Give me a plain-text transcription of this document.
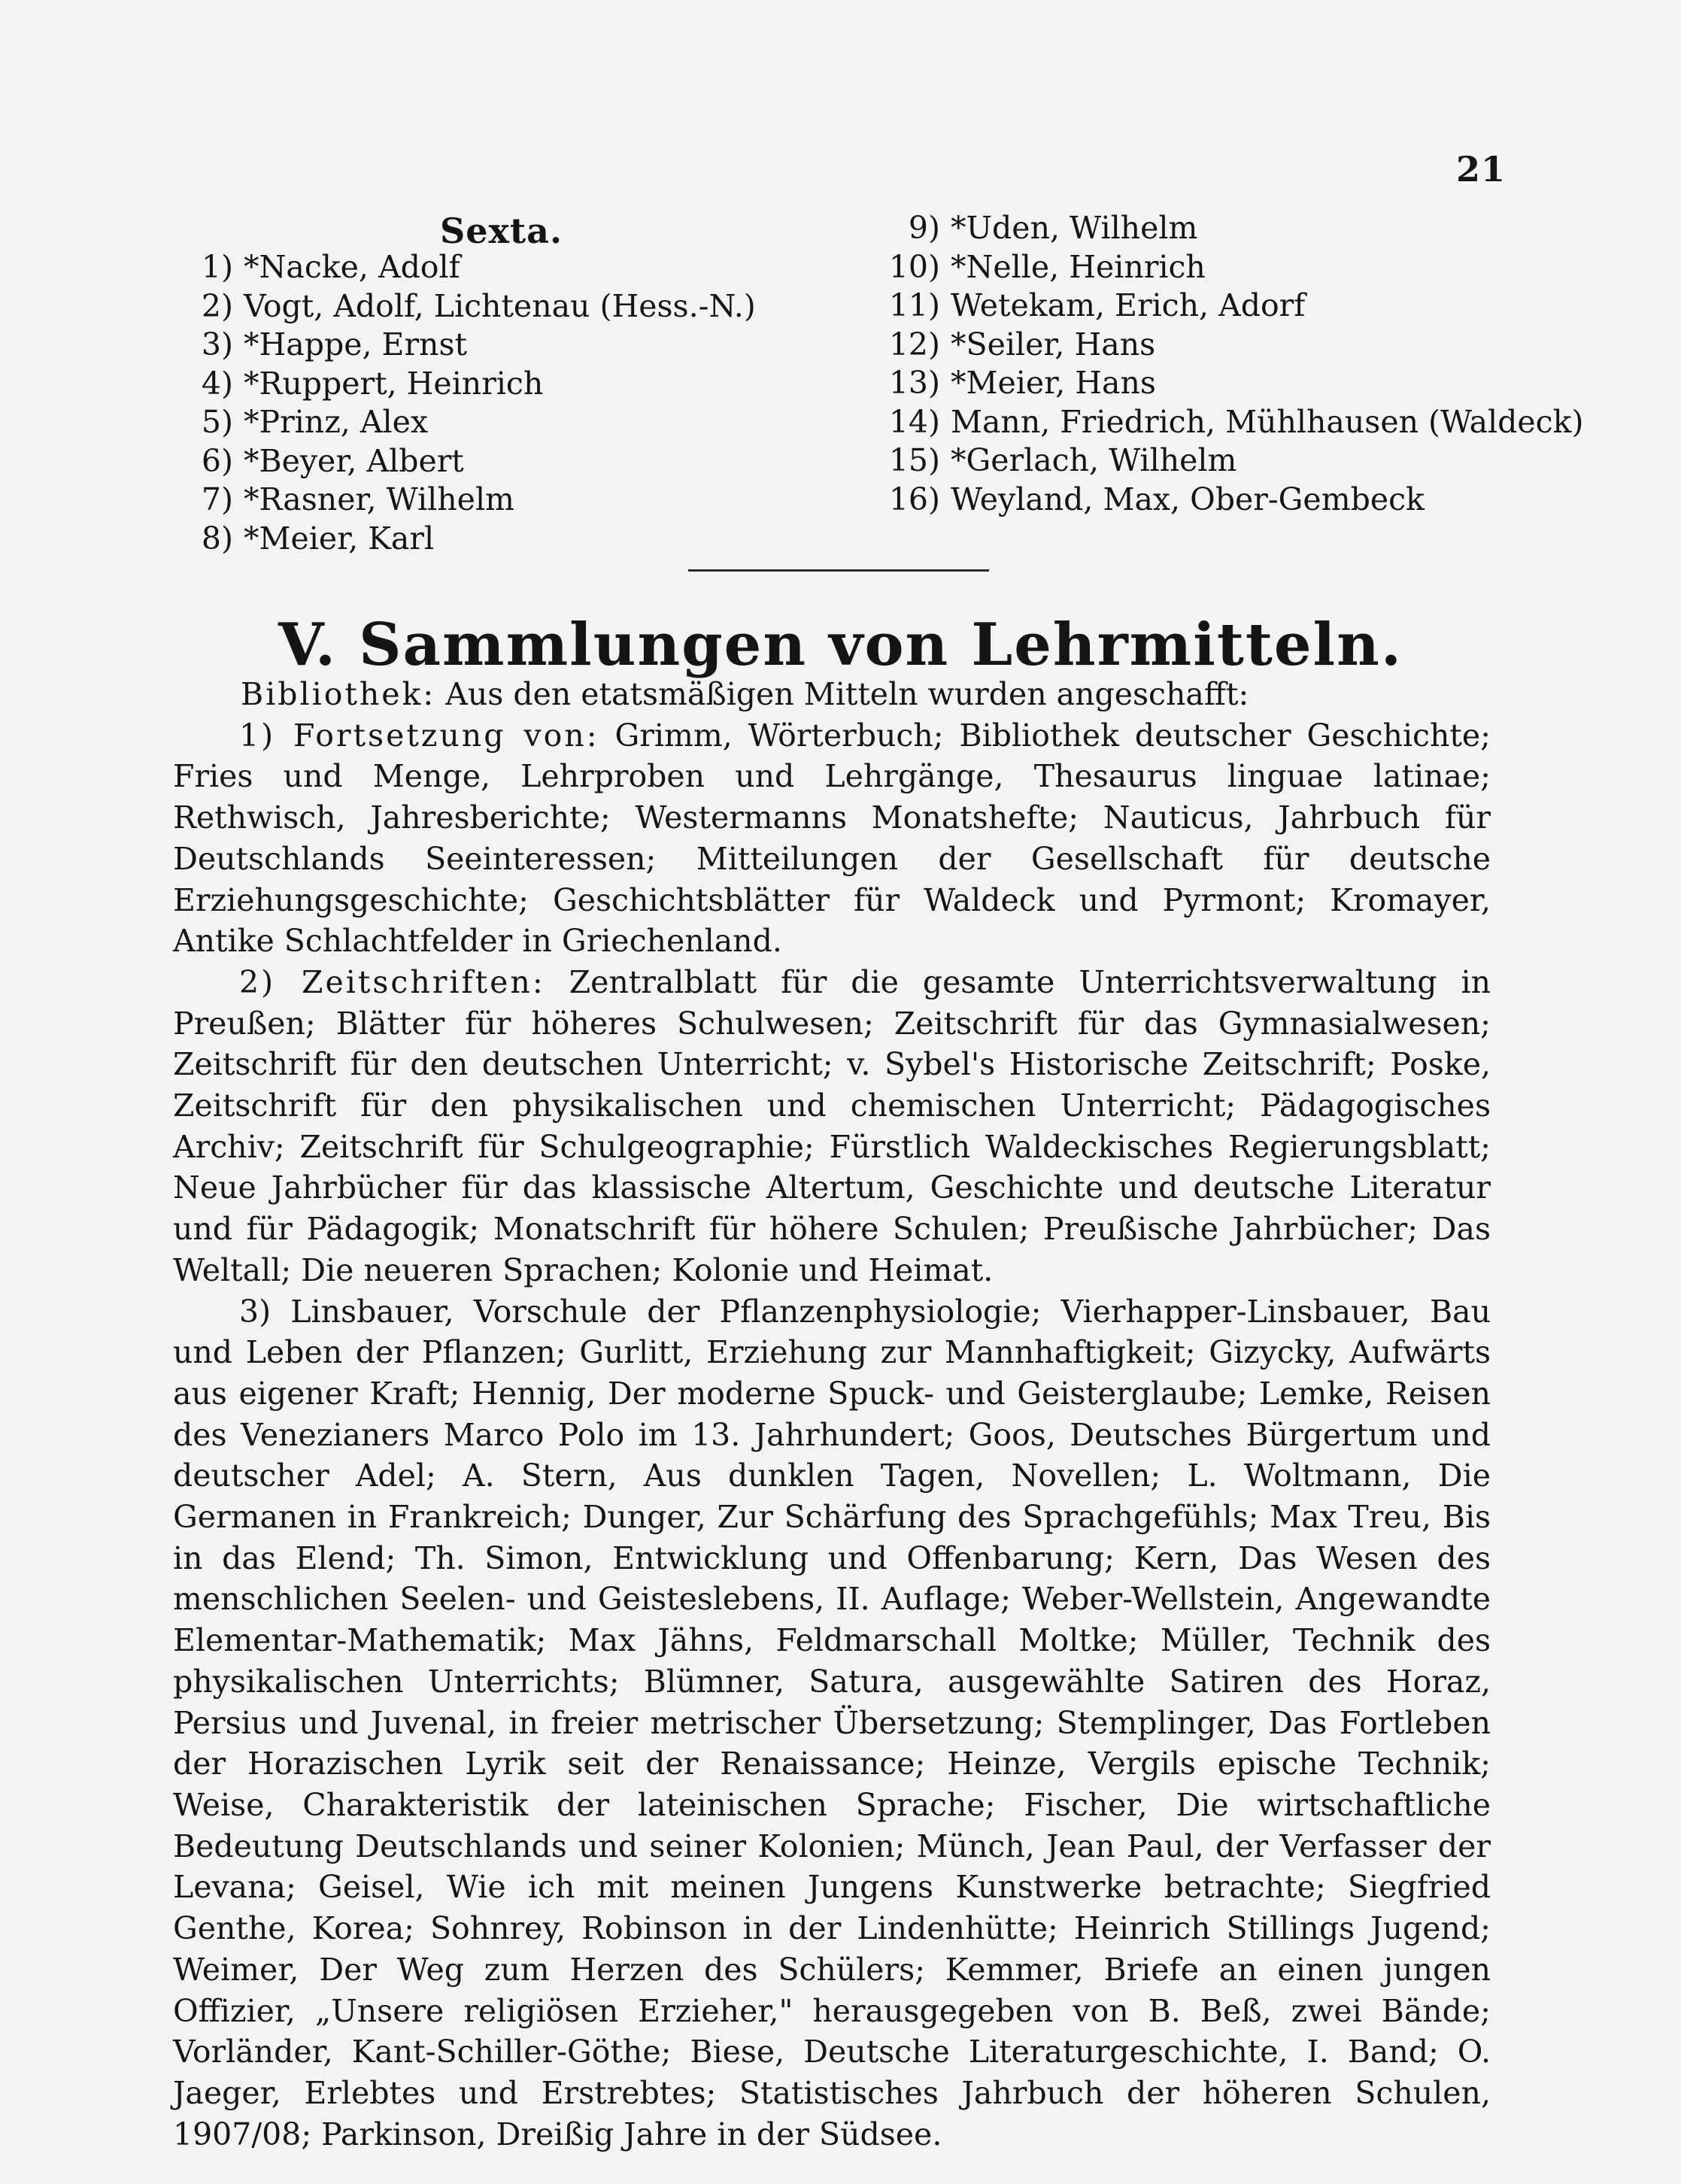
21
Sexta.
1) *Nacke, Adolf
2) Vogt, Adolf, Lichtenau (Hess.-N.)
3) *Happe, Ernst
4) *Ruppert, Heinrich
5) *Prinz, Alex
6) *Beyer, Albert
7) *Rasner, Wilhelm
8) *Meier, Karl
9) *Uden, Wilhelm
10) *Nelle, Heinrich
11) Wetekam, Erich, Adorf
12) *Seiler, Hans
13) *Meier, Hans
14) Mann, Friedrich, Mühlhausen (Waldeck)
15) *Gerlach, Wilhelm
16) Weyland, Max, Ober-Gembeck
V. Sammlungen von Lehrmitteln.

Bibliothek: Aus den etatsmäßigen Mitteln wurden angeschafft:

1) Fortsetzung von: Grimm, Wörterbuch; Bibliothek deutscher Geschichte; Fries und Menge, Lehrproben und Lehrgänge, Thesaurus linguae latinae; Rethwisch, Jahresberichte; Westermanns Monatshefte; Nauticus, Jahrbuch für Deutschlands Seeinteressen; Mitteilungen der Gesellschaft für deutsche Erziehungsgeschichte; Geschichtsblätter für Waldeck und Pyrmont; Kromayer, Antike Schlachtfelder in Griechenland.

2) Zeitschriften: Zentralblatt für die gesamte Unterrichtsverwaltung in Preußen; Blätter für höheres Schulwesen; Zeitschrift für das Gymnasialwesen; Zeitschrift für den deutschen Unterricht; v. Sybel's Historische Zeitschrift; Poske, Zeitschrift für den physikalischen und chemischen Unterricht; Pädagogisches Archiv; Zeitschrift für Schulgeographie; Fürstlich Waldeckisches Regierungsblatt; Neue Jahrbücher für das klassische Altertum, Geschichte und deutsche Literatur und für Pädagogik; Monatschrift für höhere Schulen; Preußische Jahrbücher; Das Weltall; Die neueren Sprachen; Kolonie und Heimat.

3) Linsbauer, Vorschule der Pflanzenphysiologie; Vierhapper-Linsbauer, Bau und Leben der Pflanzen; Gurlitt, Erziehung zur Mannhaftigkeit; Gizycky, Aufwärts aus eigener Kraft; Hennig, Der moderne Spuck- und Geisterglaube; Lemke, Reisen des Venezianers Marco Polo im 13. Jahrhundert; Goos, Deutsches Bürgertum und deutscher Adel; A. Stern, Aus dunklen Tagen, Novellen; L. Woltmann, Die Germanen in Frankreich; Dunger, Zur Schärfung des Sprachgefühls; Max Treu, Bis in das Elend; Th. Simon, Entwicklung und Offenbarung; Kern, Das Wesen des menschlichen Seelen- und Geisteslebens, II. Auflage; Weber-Wellstein, Angewandte Elementar-Mathematik; Max Jähns, Feldmarschall Moltke; Müller, Technik des physikalischen Unterrichts; Blümner, Satura, ausgewählte Satiren des Horaz, Persius und Juvenal, in freier metrischer Übersetzung; Stemplinger, Das Fortleben der Horazischen Lyrik seit der Renaissance; Heinze, Vergils epische Technik; Weise, Charakteristik der lateinischen Sprache; Fischer, Die wirtschaftliche Bedeutung Deutschlands und seiner Kolonien; Münch, Jean Paul, der Verfasser der Levana; Geisel, Wie ich mit meinen Jungens Kunstwerke betrachte; Siegfried Genthe, Korea; Sohnrey, Robinson in der Lindenhütte; Heinrich Stillings Jugend; Weimer, Der Weg zum Herzen des Schülers; Kemmer, Briefe an einen jungen Offizier, „Unsere religiösen Erzieher," herausgegeben von B. Beß, zwei Bände; Vorländer, Kant-Schiller-Göthe; Biese, Deutsche Literaturgeschichte, I. Band; O. Jaeger, Erlebtes und Erstrebtes; Statistisches Jahrbuch der höheren Schulen, 1907/08; Parkinson, Dreißig Jahre in der Südsee.
